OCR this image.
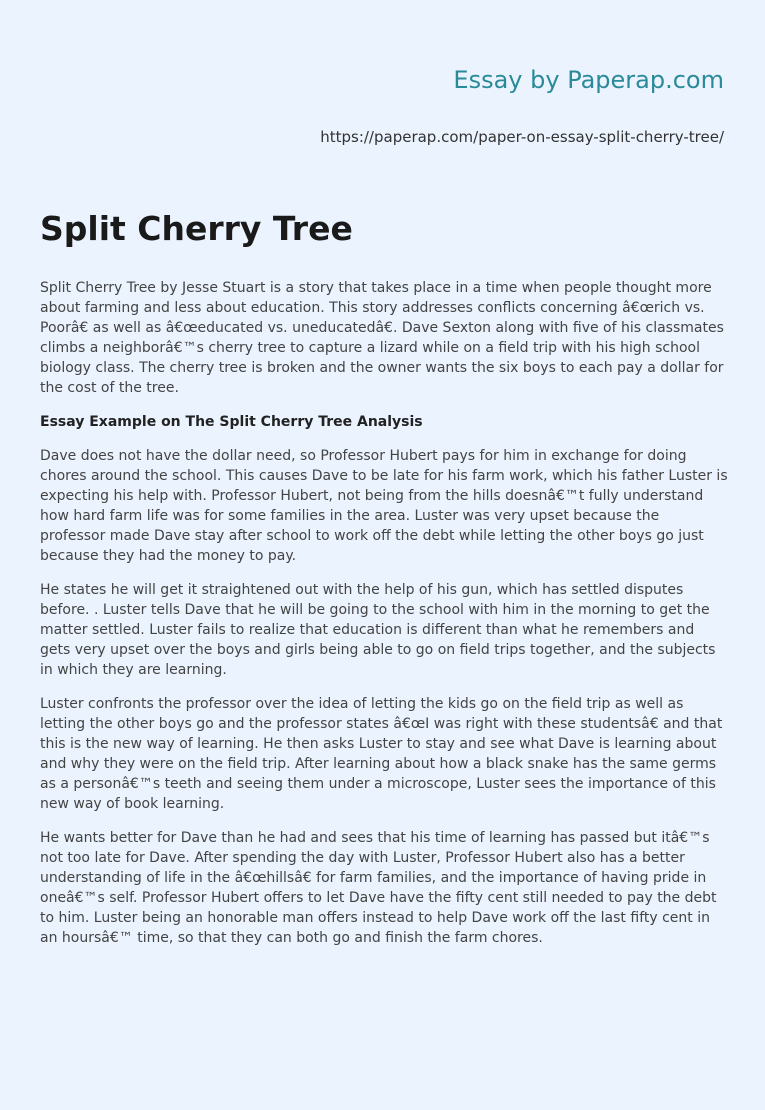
Essay by Paperap.com
https://paperap.com/paper-on-essay-split-cherry-tree/
Split Cherry Tree

Split Cherry Tree by Jesse Stuart is a story that takes place in a time when people thought more about farming and less about education. This story addresses conflicts concerning â€œrich vs. Poorâ€ as well as â€œeducated vs. uneducatedâ€. Dave Sexton along with five of his classmates climbs a neighborâ€™s cherry tree to capture a lizard while on a field trip with his high school biology class. The cherry tree is broken and the owner wants the six boys to each pay a dollar for the cost of the tree.

Essay Example on The Split Cherry Tree Analysis

Dave does not have the dollar need, so Professor Hubert pays for him in exchange for doing chores around the school. This causes Dave to be late for his farm work, which his father Luster is expecting his help with. Professor Hubert, not being from the hills doesnâ€™t fully understand how hard farm life was for some families in the area. Luster was very upset because the professor made Dave stay after school to work off the debt while letting the other boys go just because they had the money to pay.

He states he will get it straightened out with the help of his gun, which has settled disputes before. . Luster tells Dave that he will be going to the school with him in the morning to get the matter settled. Luster fails to realize that education is different than what he remembers and gets very upset over the boys and girls being able to go on field trips together, and the subjects in which they are learning.

Luster confronts the professor over the idea of letting the kids go on the field trip as well as letting the other boys go and the professor states â€œI was right with these studentsâ€ and that this is the new way of learning. He then asks Luster to stay and see what Dave is learning about and why they were on the field trip. After learning about how a black snake has the same germs as a personâ€™s teeth and seeing them under a microscope, Luster sees the importance of this new way of book learning.

He wants better for Dave than he had and sees that his time of learning has passed but itâ€™s not too late for Dave. After spending the day with Luster, Professor Hubert also has a better understanding of life in the â€œhillsâ€ for farm families, and the importance of having pride in oneâ€™s self. Professor Hubert offers to let Dave have the fifty cent still needed to pay the debt to him. Luster being an honorable man offers instead to help Dave work off the last fifty cent in an hoursâ€™ time, so that they can both go and finish the farm chores.
